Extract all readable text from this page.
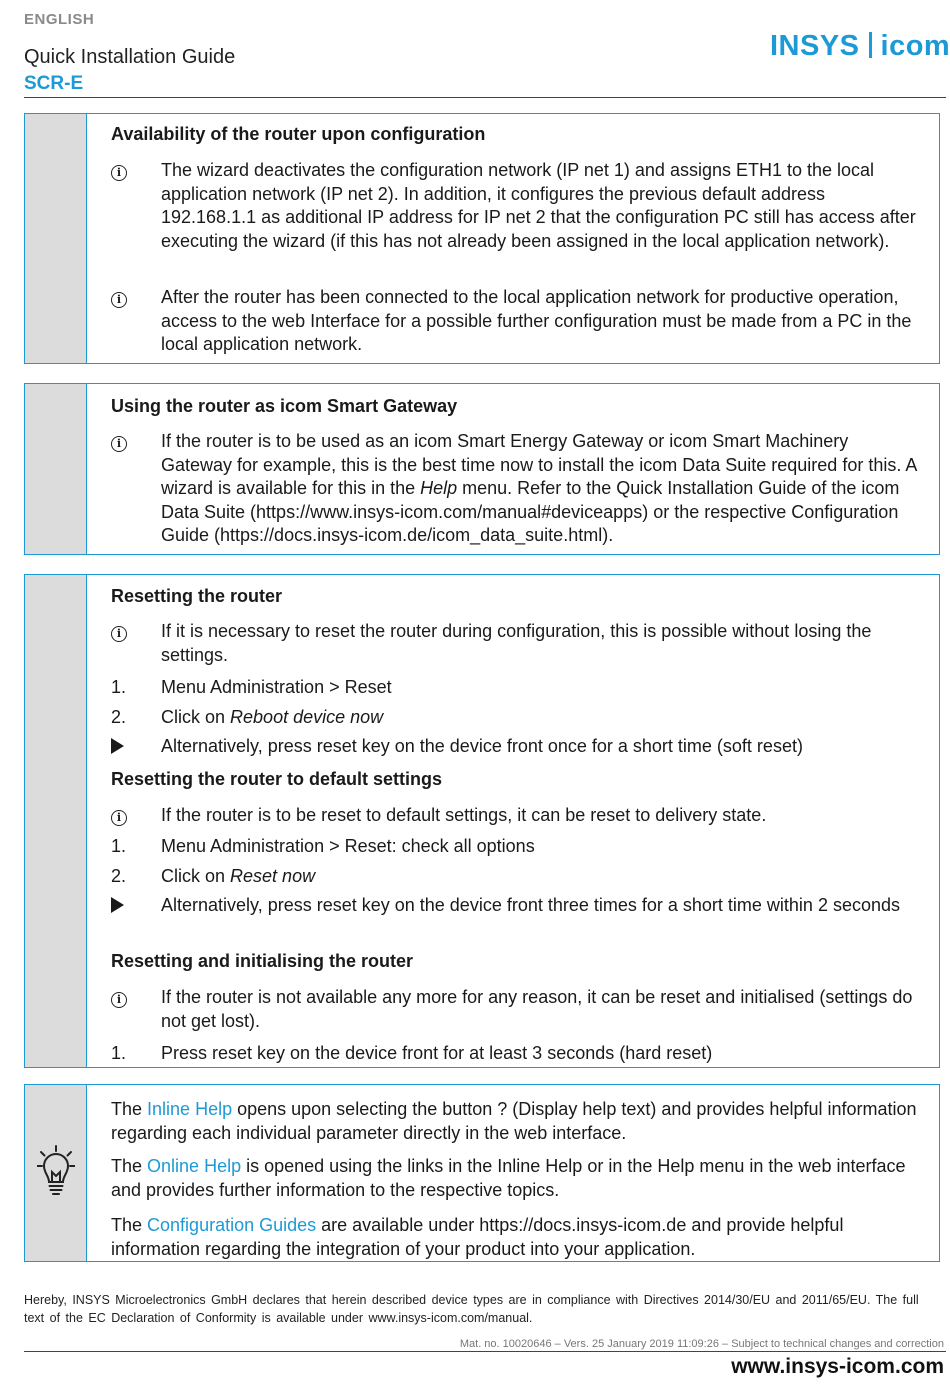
ENGLISH
Quick Installation Guide
SCR-E
INSYS icom
Availability of the router upon configuration
i	The wizard deactivates the configuration network (IP net 1) and assigns ETH1 to the local application network (IP net 2). In addition, it configures the previous default address 192.168.1.1 as additional IP address for IP net 2 that the configuration PC still has access after executing the wizard (if this has not already been assigned in the local application network).
i	After the router has been connected to the local application network for productive operation, access to the web Interface for a possible further configuration must be made from a PC in the local application network.
Using the router as icom Smart Gateway
i	If the router is to be used as an icom Smart Energy Gateway or icom Smart Machinery Gateway for example, this is the best time now to install the icom Data Suite required for this. A wizard is available for this in the Help menu. Refer to the Quick Installation Guide of the icom Data Suite (https://www.insys-icom.com/manual#deviceapps) or the respective Configuration Guide (https://docs.insys-icom.de/icom_data_suite.html).
Resetting the router
i	If it is necessary to reset the router during configuration, this is possible without losing the settings.
1.	Menu Administration > Reset
2.	Click on Reboot device now
Alternatively, press reset key on the device front once for a short time (soft reset)
Resetting the router to default settings
i	If the router is to be reset to default settings, it can be reset to delivery state.
1.	Menu Administration > Reset: check all options
2.	Click on Reset now
Alternatively, press reset key on the device front three times for a short time within 2 seconds
Resetting and initialising the router
i	If the router is not available any more for any reason, it can be reset and initialised (settings do not get lost).
1.	Press reset key on the device front for at least 3 seconds (hard reset)
The Inline Help opens upon selecting the button ? (Display help text) and provides helpful information regarding each individual parameter directly in the web interface.
The Online Help is opened using the links in the Inline Help or in the Help menu in the web interface and provides further information to the respective topics.
The Configuration Guides are available under https://docs.insys-icom.de and provide helpful information regarding the integration of your product into your application.
Hereby, INSYS Microelectronics GmbH declares that herein described device types are in compliance with Directives 2014/30/EU and 2011/65/EU. The full text of the EC Declaration of Conformity is available under www.insys-icom.com/manual.
Mat. no. 10020646 – Vers. 25 January 2019 11:09:26 – Subject to technical changes and correction
www.insys-icom.com
